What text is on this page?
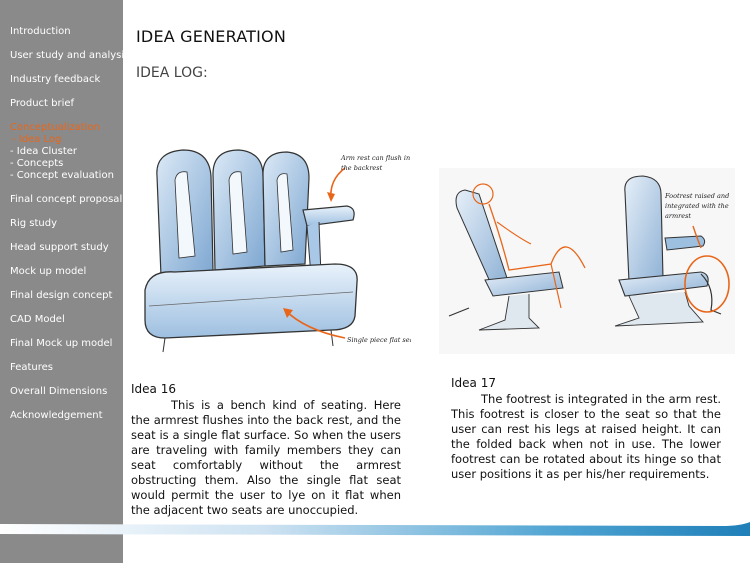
Introduction
User study and analysis
Industry feedback
Product brief
Conceptualization
- Idea Log
- Idea Cluster
- Concepts
- Concept evaluation
Final concept proposal
Rig study
Head support study
Mock up model
Final design concept
CAD Model
Final Mock up model
Features
Overall Dimensions
Acknowledgement
IDEA GENERATION
IDEA LOG:
Arm rest can flush in
the backrest
Single piece flat seat
Footrest raised and
integrated with the
armrest
Idea 16
This is a bench kind of seating. Here the armrest flushes into the back rest, and the seat is a single flat surface. So when the users are traveling with family members they can seat comfortably without the armrest obstructing them. Also the single flat seat would permit the user to lye on it flat when the adjacent two seats are unoccupied.
Idea 17
The footrest is integrated in the arm rest. This footrest is closer to the seat so that the user can rest his legs at raised height. It can the folded back when not in use. The lower footrest can be rotated about its hinge so that user positions it as per his/her requirements.
